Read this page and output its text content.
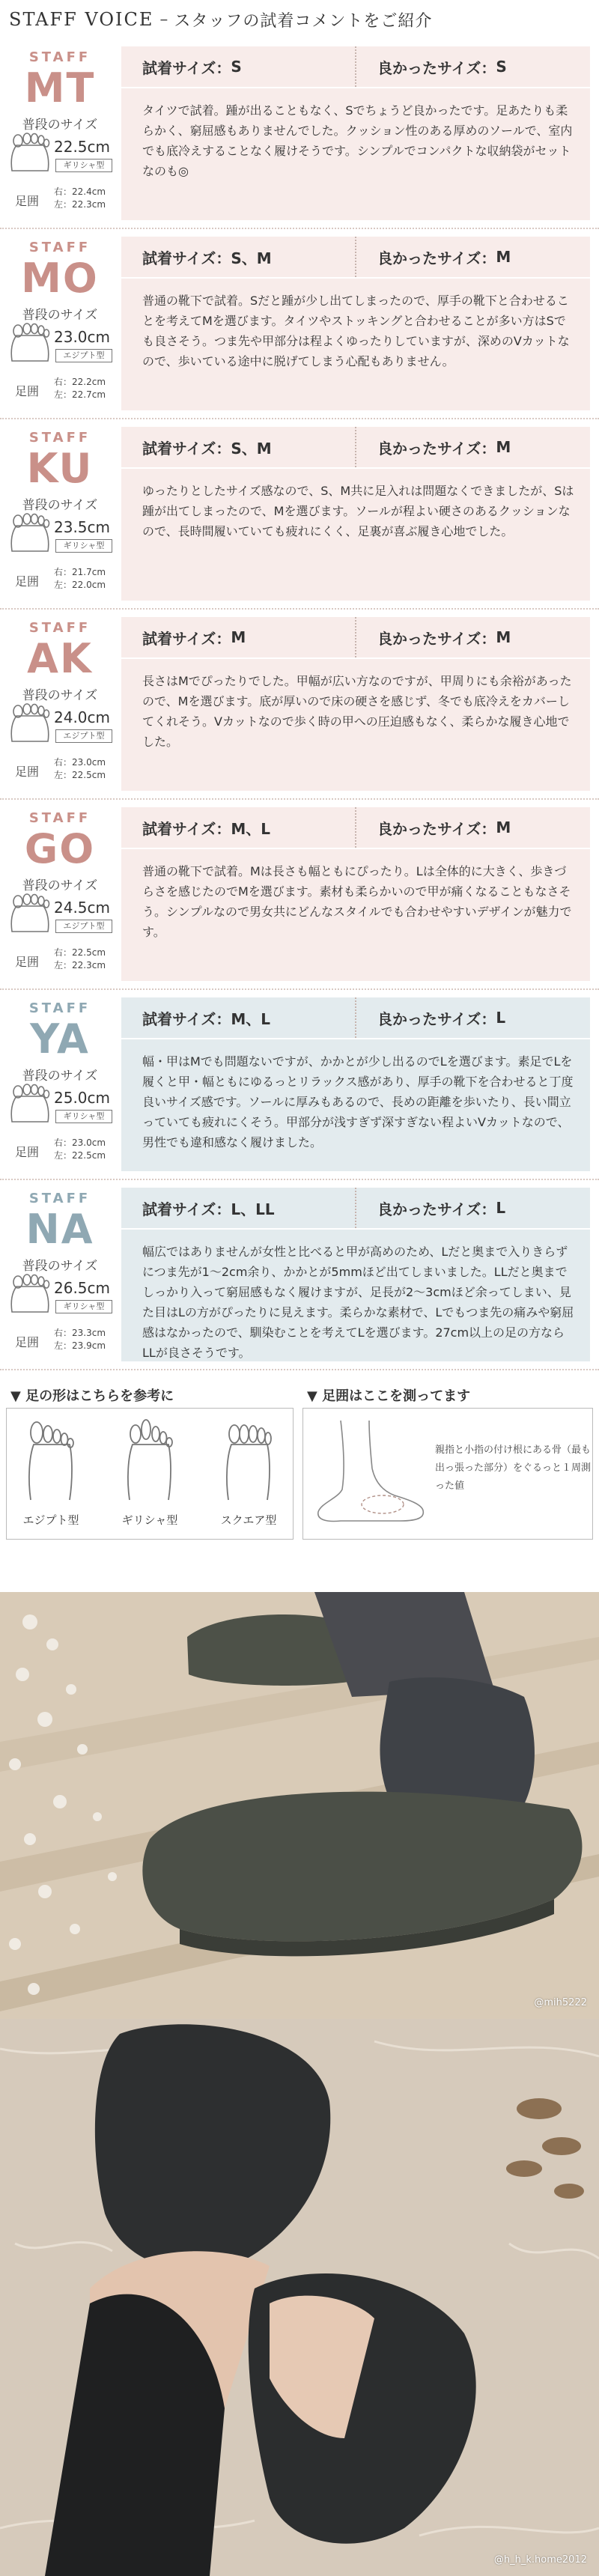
STAFF VOICE – スタッフの試着コメントをご紹介
STAFF
MT
普段のサイズ
22.5cm
ギリシャ型
足囲
右：22.4cm
左：22.3cm
試着サイズ： S	良かったサイズ： S
タイツで試着。踵が出ることもなく、Sでちょうど良かったです。足あたりも柔らかく、窮屈感もありませんでした。クッション性のある厚めのソールで、室内でも底冷えすることなく履けそうです。シンプルでコンパクトな収納袋がセットなのも◎
STAFF
MO
普段のサイズ
23.0cm
エジプト型
足囲
右：22.2cm
左：22.7cm
試着サイズ： S、M	良かったサイズ： M
普通の靴下で試着。Sだと踵が少し出てしまったので、厚手の靴下と合わせることを考えてMを選びます。タイツやストッキングと合わせることが多い方はSでも良さそう。つま先や甲部分は程よくゆったりしていますが、深めのVカットなので、歩いている途中に脱げてしまう心配もありません。
STAFF
KU
普段のサイズ
23.5cm
ギリシャ型
足囲
右：21.7cm
左：22.0cm
試着サイズ： S、M	良かったサイズ： M
ゆったりとしたサイズ感なので、S、M共に足入れは問題なくできましたが、Sは踵が出てしまったので、Mを選びます。ソールが程よい硬さのあるクッションなので、長時間履いていても疲れにくく、足裏が喜ぶ履き心地でした。
STAFF
AK
普段のサイズ
24.0cm
エジプト型
足囲
右：23.0cm
左：22.5cm
試着サイズ： M	良かったサイズ： M
長さはMでぴったりでした。甲幅が広い方なのですが、甲周りにも余裕があったので、Mを選びます。底が厚いので床の硬さを感じず、冬でも底冷えをカバーしてくれそう。Vカットなので歩く時の甲への圧迫感もなく、柔らかな履き心地でした。
STAFF
GO
普段のサイズ
24.5cm
エジプト型
足囲
右：22.5cm
左：22.3cm
試着サイズ： M、L	良かったサイズ： M
普通の靴下で試着。Mは長さも幅ともにぴったり。Lは全体的に大きく、歩きづらさを感じたのでMを選びます。素材も柔らかいので甲が痛くなることもなさそう。シンプルなので男女共にどんなスタイルでも合わせやすいデザインが魅力です。
STAFF
YA
普段のサイズ
25.0cm
ギリシャ型
足囲
右：23.0cm
左：22.5cm
試着サイズ： M、L	良かったサイズ： L
幅・甲はMでも問題ないですが、かかとが少し出るのでLを選びます。素足でLを履くと甲・幅ともにゆるっとリラックス感があり、厚手の靴下を合わせると丁度良いサイズ感です。ソールに厚みもあるので、長めの距離を歩いたり、長い間立っていても疲れにくそう。甲部分が浅すぎず深すぎない程よいVカットなので、男性でも違和感なく履けました。
STAFF
NA
普段のサイズ
26.5cm
ギリシャ型
足囲
右：23.3cm
左：23.9cm
試着サイズ： L、LL	良かったサイズ： L
幅広ではありませんが女性と比べると甲が高めのため、Lだと奥まで入りきらずにつま先が1〜2cm余り、かかとが5mmほど出てしまいました。LLだと奥までしっかり入って窮屈感もなく履けますが、足長が2〜3cmほど余ってしまい、見た目はLの方がぴったりに見えます。柔らかな素材で、Lでもつま先の痛みや窮屈感はなかったので、馴染むことを考えてLを選びます。27cm以上の足の方ならLLが良さそうです。
▼ 足の形はこちらを参考に
エジプト型	ギリシャ型	スクエア型
▼ 足囲はここを測ってます
親指と小指の付け根にある骨（最も出っ張った部分）をぐるっと１周測った値
@mih5222
@h_h_k.home2012
